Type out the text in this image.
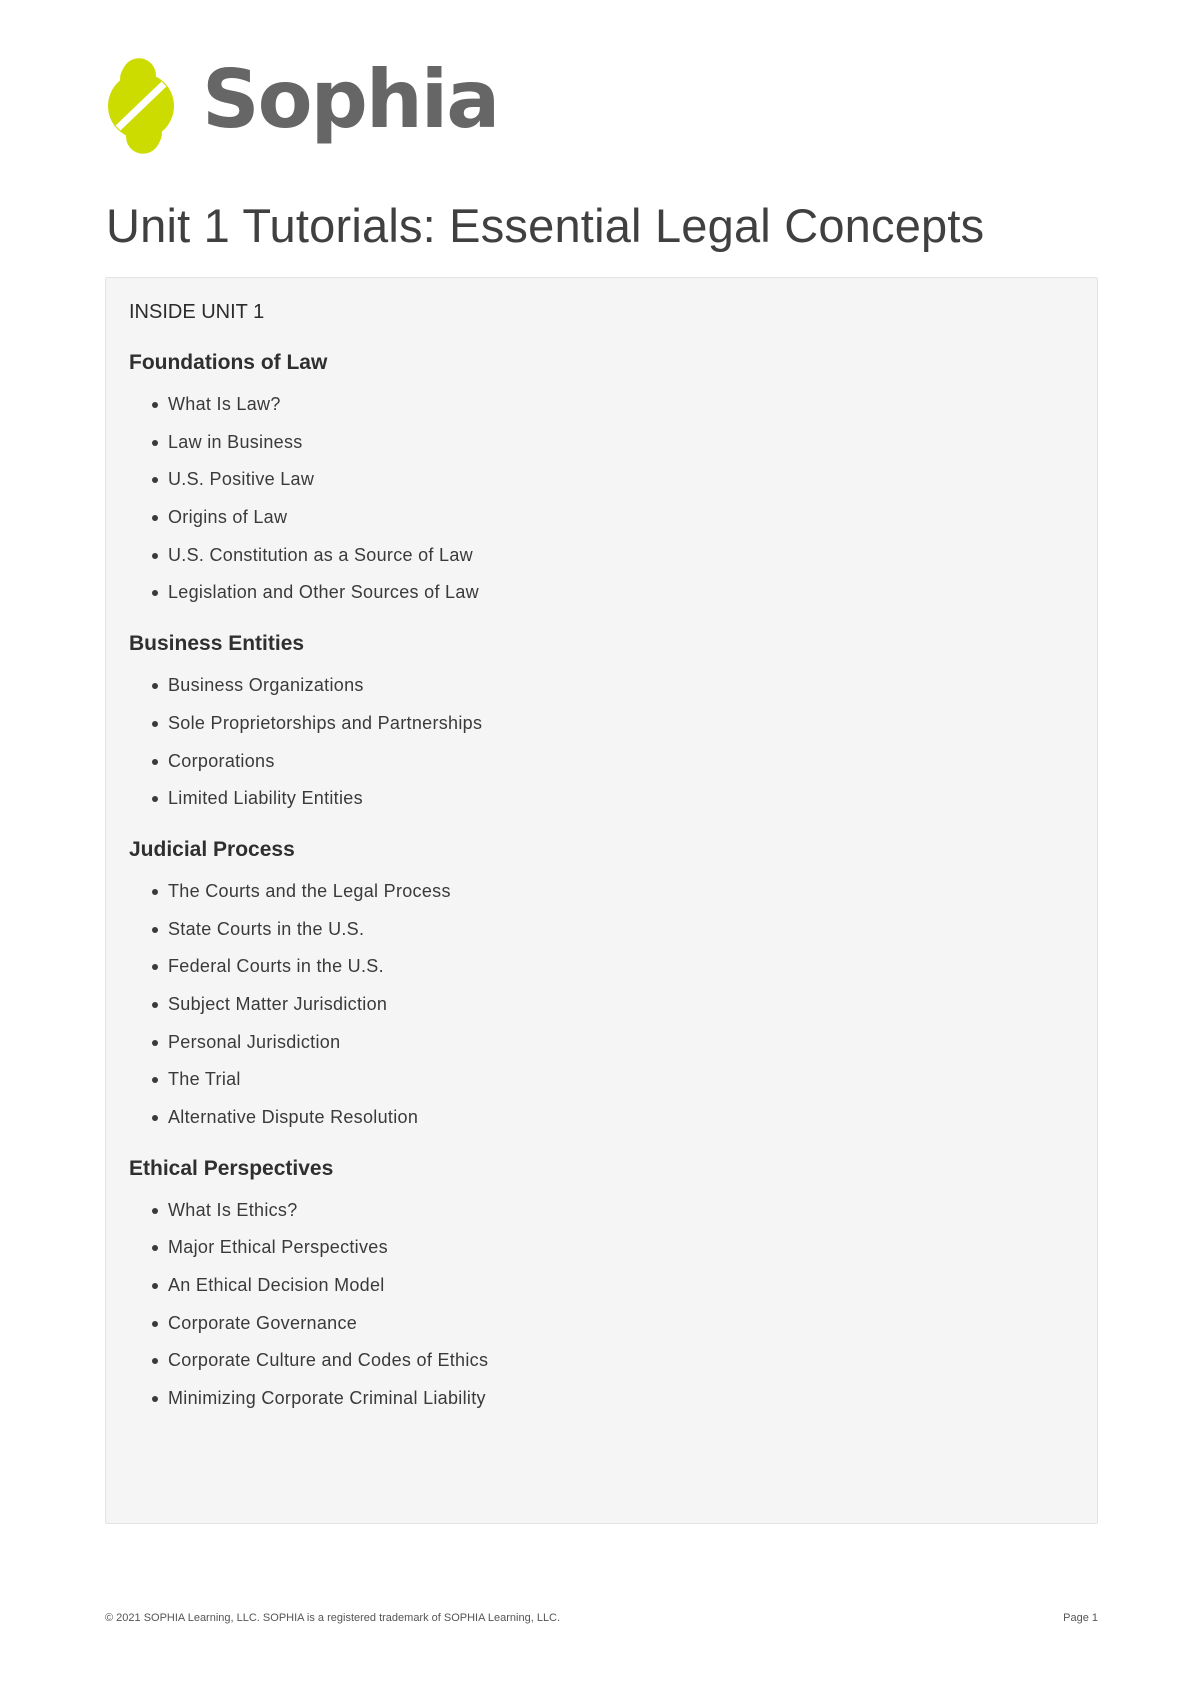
Sophia
Unit 1 Tutorials: Essential Legal Concepts
INSIDE UNIT 1
Foundations of Law
What Is Law?
Law in Business
U.S. Positive Law
Origins of Law
U.S. Constitution as a Source of Law
Legislation and Other Sources of Law
Business Entities
Business Organizations
Sole Proprietorships and Partnerships
Corporations
Limited Liability Entities
Judicial Process
The Courts and the Legal Process
State Courts in the U.S.
Federal Courts in the U.S.
Subject Matter Jurisdiction
Personal Jurisdiction
The Trial
Alternative Dispute Resolution
Ethical Perspectives
What Is Ethics?
Major Ethical Perspectives
An Ethical Decision Model
Corporate Governance
Corporate Culture and Codes of Ethics
Minimizing Corporate Criminal Liability
© 2021 SOPHIA Learning, LLC. SOPHIA is a registered trademark of SOPHIA Learning, LLC.	Page 1
